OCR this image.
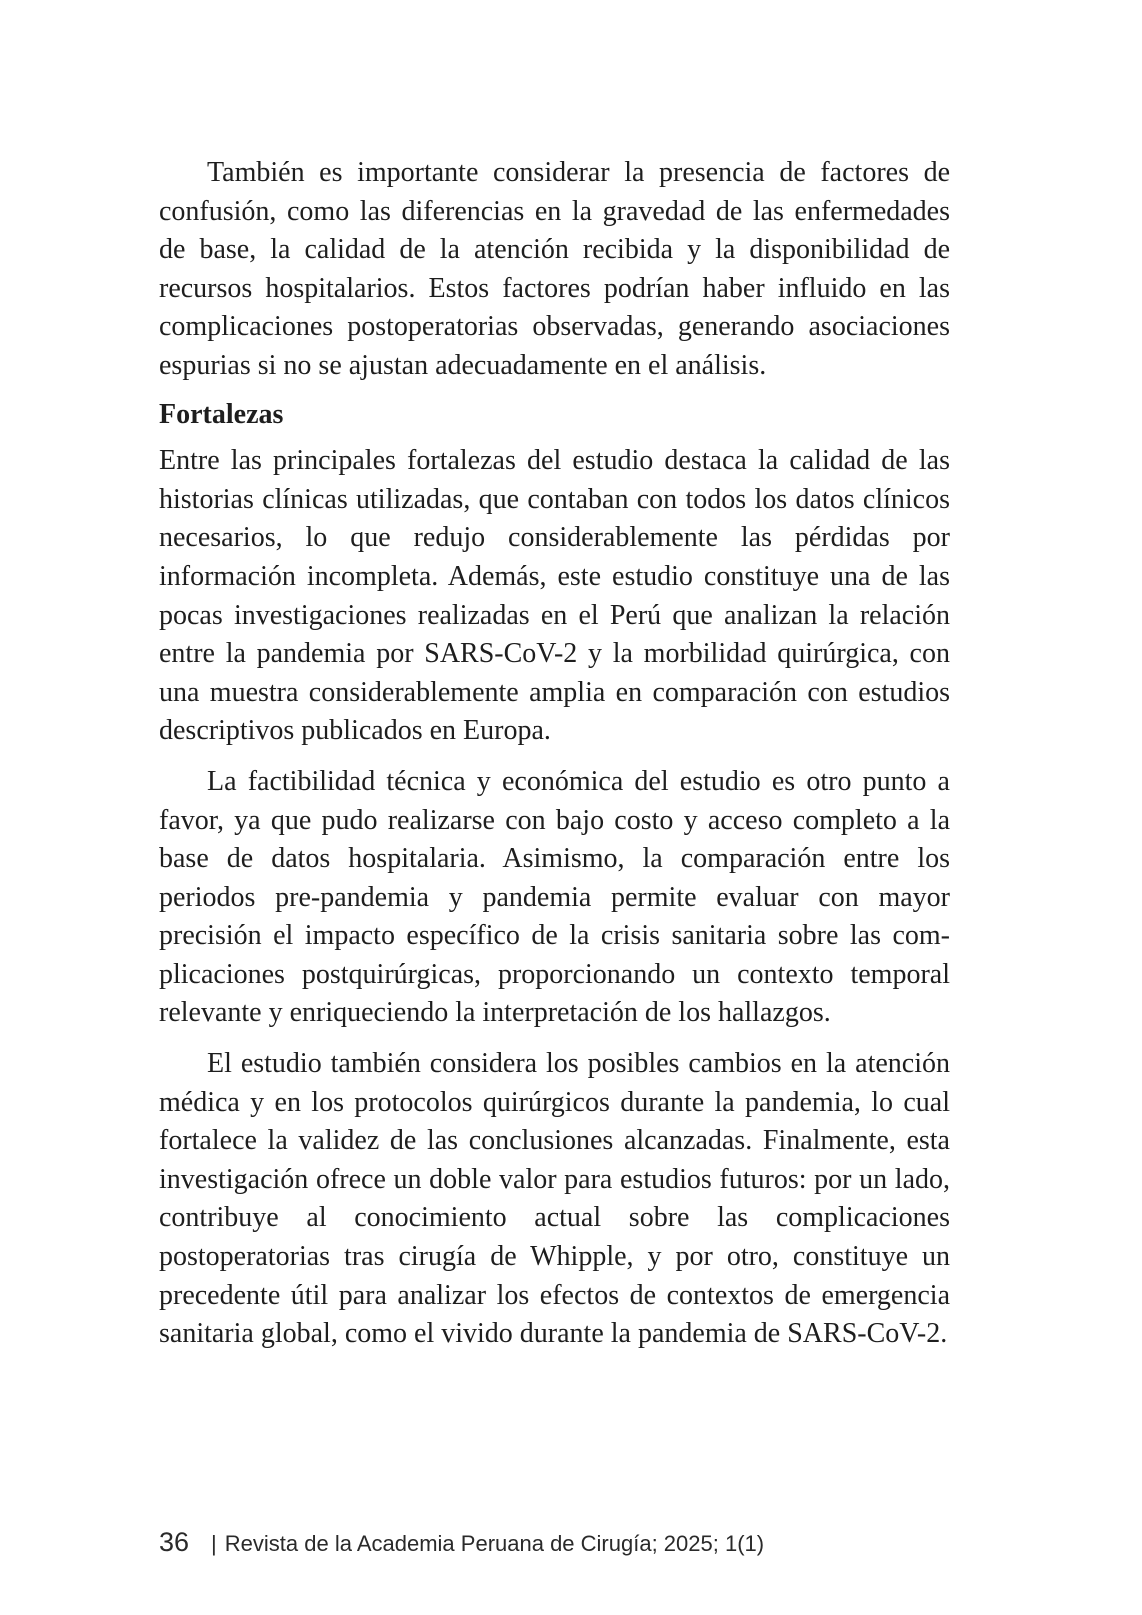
También es importante considerar la presencia de factores de confusión, como las diferencias en la gravedad de las enfermedades de base, la calidad de la atención recibida y la disponibilidad de recursos hospitalarios. Estos factores podrían haber influido en las complicaciones postoperatorias observadas, generando asociaciones espurias si no se ajustan adecuadamente en el análisis.

Fortalezas

Entre las principales fortalezas del estudio destaca la calidad de las historias clínicas utilizadas, que contaban con todos los datos clínicos necesarios, lo que redujo considerablemente las pérdidas por información incompleta. Además, este estudio constituye una de las pocas investigaciones realizadas en el Perú que analizan la relación entre la pandemia por SARS-CoV-2 y la morbilidad quirúrgica, con una muestra considerablemente amplia en comparación con estudios descriptivos publicados en Europa.

La factibilidad técnica y económica del estudio es otro punto a favor, ya que pudo realizarse con bajo costo y acceso completo a la base de datos hospitalaria. Asimismo, la comparación entre los periodos pre-pandemia y pandemia permite evaluar con mayor precisión el impacto específico de la crisis sanitaria sobre las complicaciones postquirúrgicas, proporcionando un contexto temporal relevante y enriqueciendo la interpretación de los hallazgos.

El estudio también considera los posibles cambios en la atención médica y en los protocolos quirúrgicos durante la pandemia, lo cual fortalece la validez de las conclusiones alcanzadas. Finalmente, esta investigación ofrece un doble valor para estudios futuros: por un lado, contribuye al conocimiento actual sobre las complicaciones postoperatorias tras cirugía de Whipple, y por otro, constituye un precedente útil para analizar los efectos de contextos de emergencia sanitaria global, como el vivido durante la pandemia de SARS-CoV-2.

36 | Revista de la Academia Peruana de Cirugía; 2025; 1(1)
